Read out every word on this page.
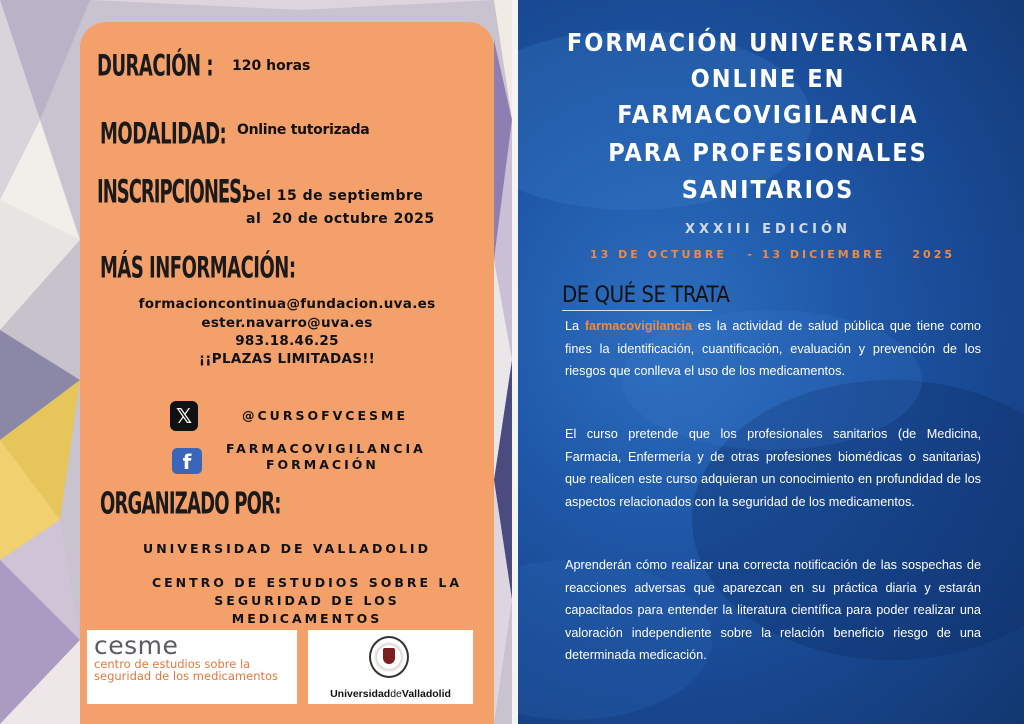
DURACIÓN : 120 horas
MODALIDAD: Online tutorizada
INSCRIPCIONES:
Del 15 de septiembre
al  20 de octubre 2025
MÁS INFORMACIÓN:
formacioncontinua@fundacion.uva.es
ester.navarro@uva.es
983.18.46.25
¡¡PLAZAS LIMITADAS!!
𝕏	@CURSOFVCESME
f
FARMACOVIGILANCIA
FORMACIÓN
ORGANIZADO POR:
UNIVERSIDAD DE VALLADOLID
CENTRO DE ESTUDIOS SOBRE LA
SEGURIDAD DE LOS
MEDICAMENTOS
cesme
centro de estudios sobre la
seguridad de los medicamentos
UniversidaddeValladolid
FORMACIÓN UNIVERSITARIA
ONLINE EN
FARMACOVIGILANCIA
PARA PROFESIONALES
SANITARIOS
XXXIII EDICIÓN
13 DE OCTUBRE   - 13 DICIEMBRE    2025
DE QUÉ SE TRATA
La farmacovigilancia es la actividad de salud pública que tiene como fines la identificación, cuantificación, evaluación y prevención de los riesgos que conlleva el uso de los medicamentos.
El curso pretende que los profesionales sanitarios (de Medicina, Farmacia, Enfermería y de otras profesiones biomédicas o sanitarias) que realicen este curso adquieran un conocimiento en profundidad de los aspectos relacionados con la seguridad de los medicamentos.
Aprenderán cómo realizar una correcta notificación de las sospechas de reacciones adversas que aparezcan en su práctica diaria y estarán capacitados para entender la literatura científica para poder realizar una valoración independiente sobre la relación beneficio riesgo de una determinada medicación.
